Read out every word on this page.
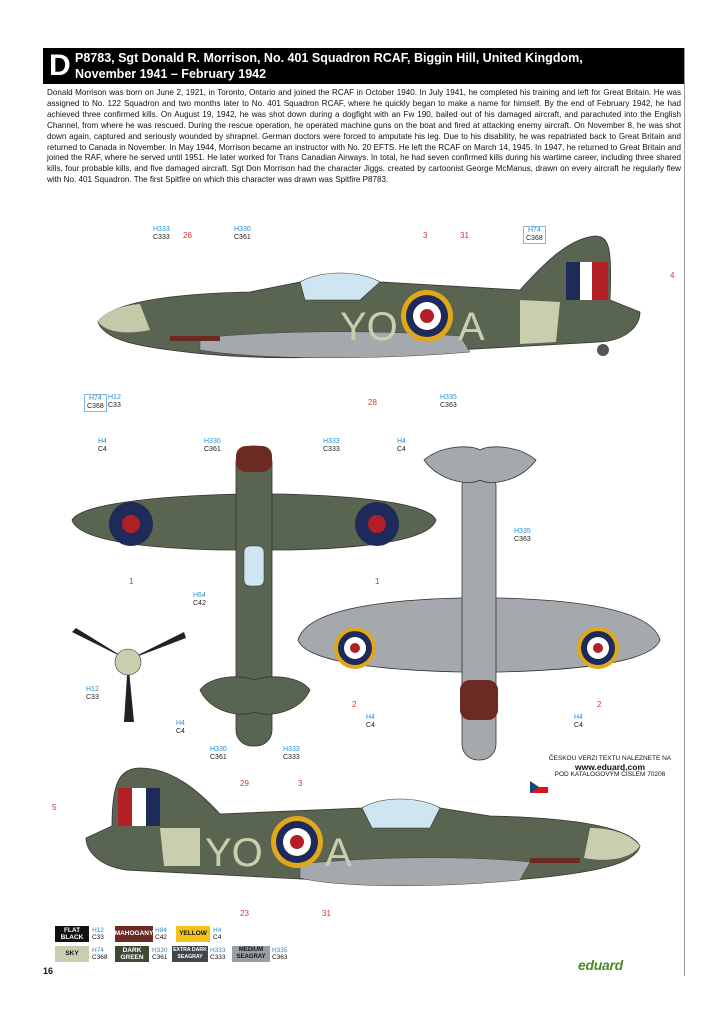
D P8783, Sgt Donald R. Morrison, No. 401 Squadron RCAF, Biggin Hill, United Kingdom,
November 1941 – February 1942
Donald Morrison was born on June 2, 1921, in Toronto, Ontario and joined the RCAF in October 1940. In July 1941, he completed his training and left for Great Britain. He was assigned to No. 122 Squadron and two months later to No. 401 Squadron RCAF, where he quickly began to make a name for himself. By the end of February 1942, he had achieved three confirmed kills. On August 19, 1942, he was shot down during a dogfight with an Fw 190, bailed out of his damaged aircraft, and parachuted into the English Channel, from where he was rescued. During the rescue operation, he operated machine guns on the boat and fired at attacking enemy aircraft. On November 8, he was shot down again, captured and seriously wounded by shrapnel. German doctors were forced to amputate his leg. Due to his disability, he was repatriated back to Great Britain and returned to Canada in November. In May 1944, Morrison became an instructor with No. 20 EFTS. He left the RCAF on March 14, 1945. In 1947, he returned to Great Britain and joined the RAF, where he served until 1951. He later worked for Trans Canadian Airways. In total, he had seven confirmed kills during his wartime career, including three shared kills, four probable kills, and five damaged aircraft. Sgt Don Morrison had the character Jiggs, created by cartoonist George McManus, drawn on every aircraft he regularly flew with No. 401 Squadron. The first Spitfire on which this character was drawn was Spitfire P8783.
YO A
YO A
H333
C333
H330
C361
H74
C368
H74
C368
H12
C33
H335
C363
26	3	31
4
28
H4
C4
H330
C361
H333
C333
H4
C4
H64
C42
H330
C361
H333
C333
1	1
H12
C33
H4
C4
H335
C363
H4
C4
H4
C4
2	2
5
29	3
23	31
ČESKOU VERZI TEXTU NALEZNETE NA
www.eduard.com
POD KATALOGOVÝM ČÍSLEM 70206
FLAT BLACK
H12
C33
MAHOGANY H84
C42
YELLOW H4
C4
SKY	H74
C368
DARK GREEN
H330
C361
EXTRA DARK SEAGRAY
H333
C333
MEDIUM SEAGRAY
H335
C363
16	eduard
